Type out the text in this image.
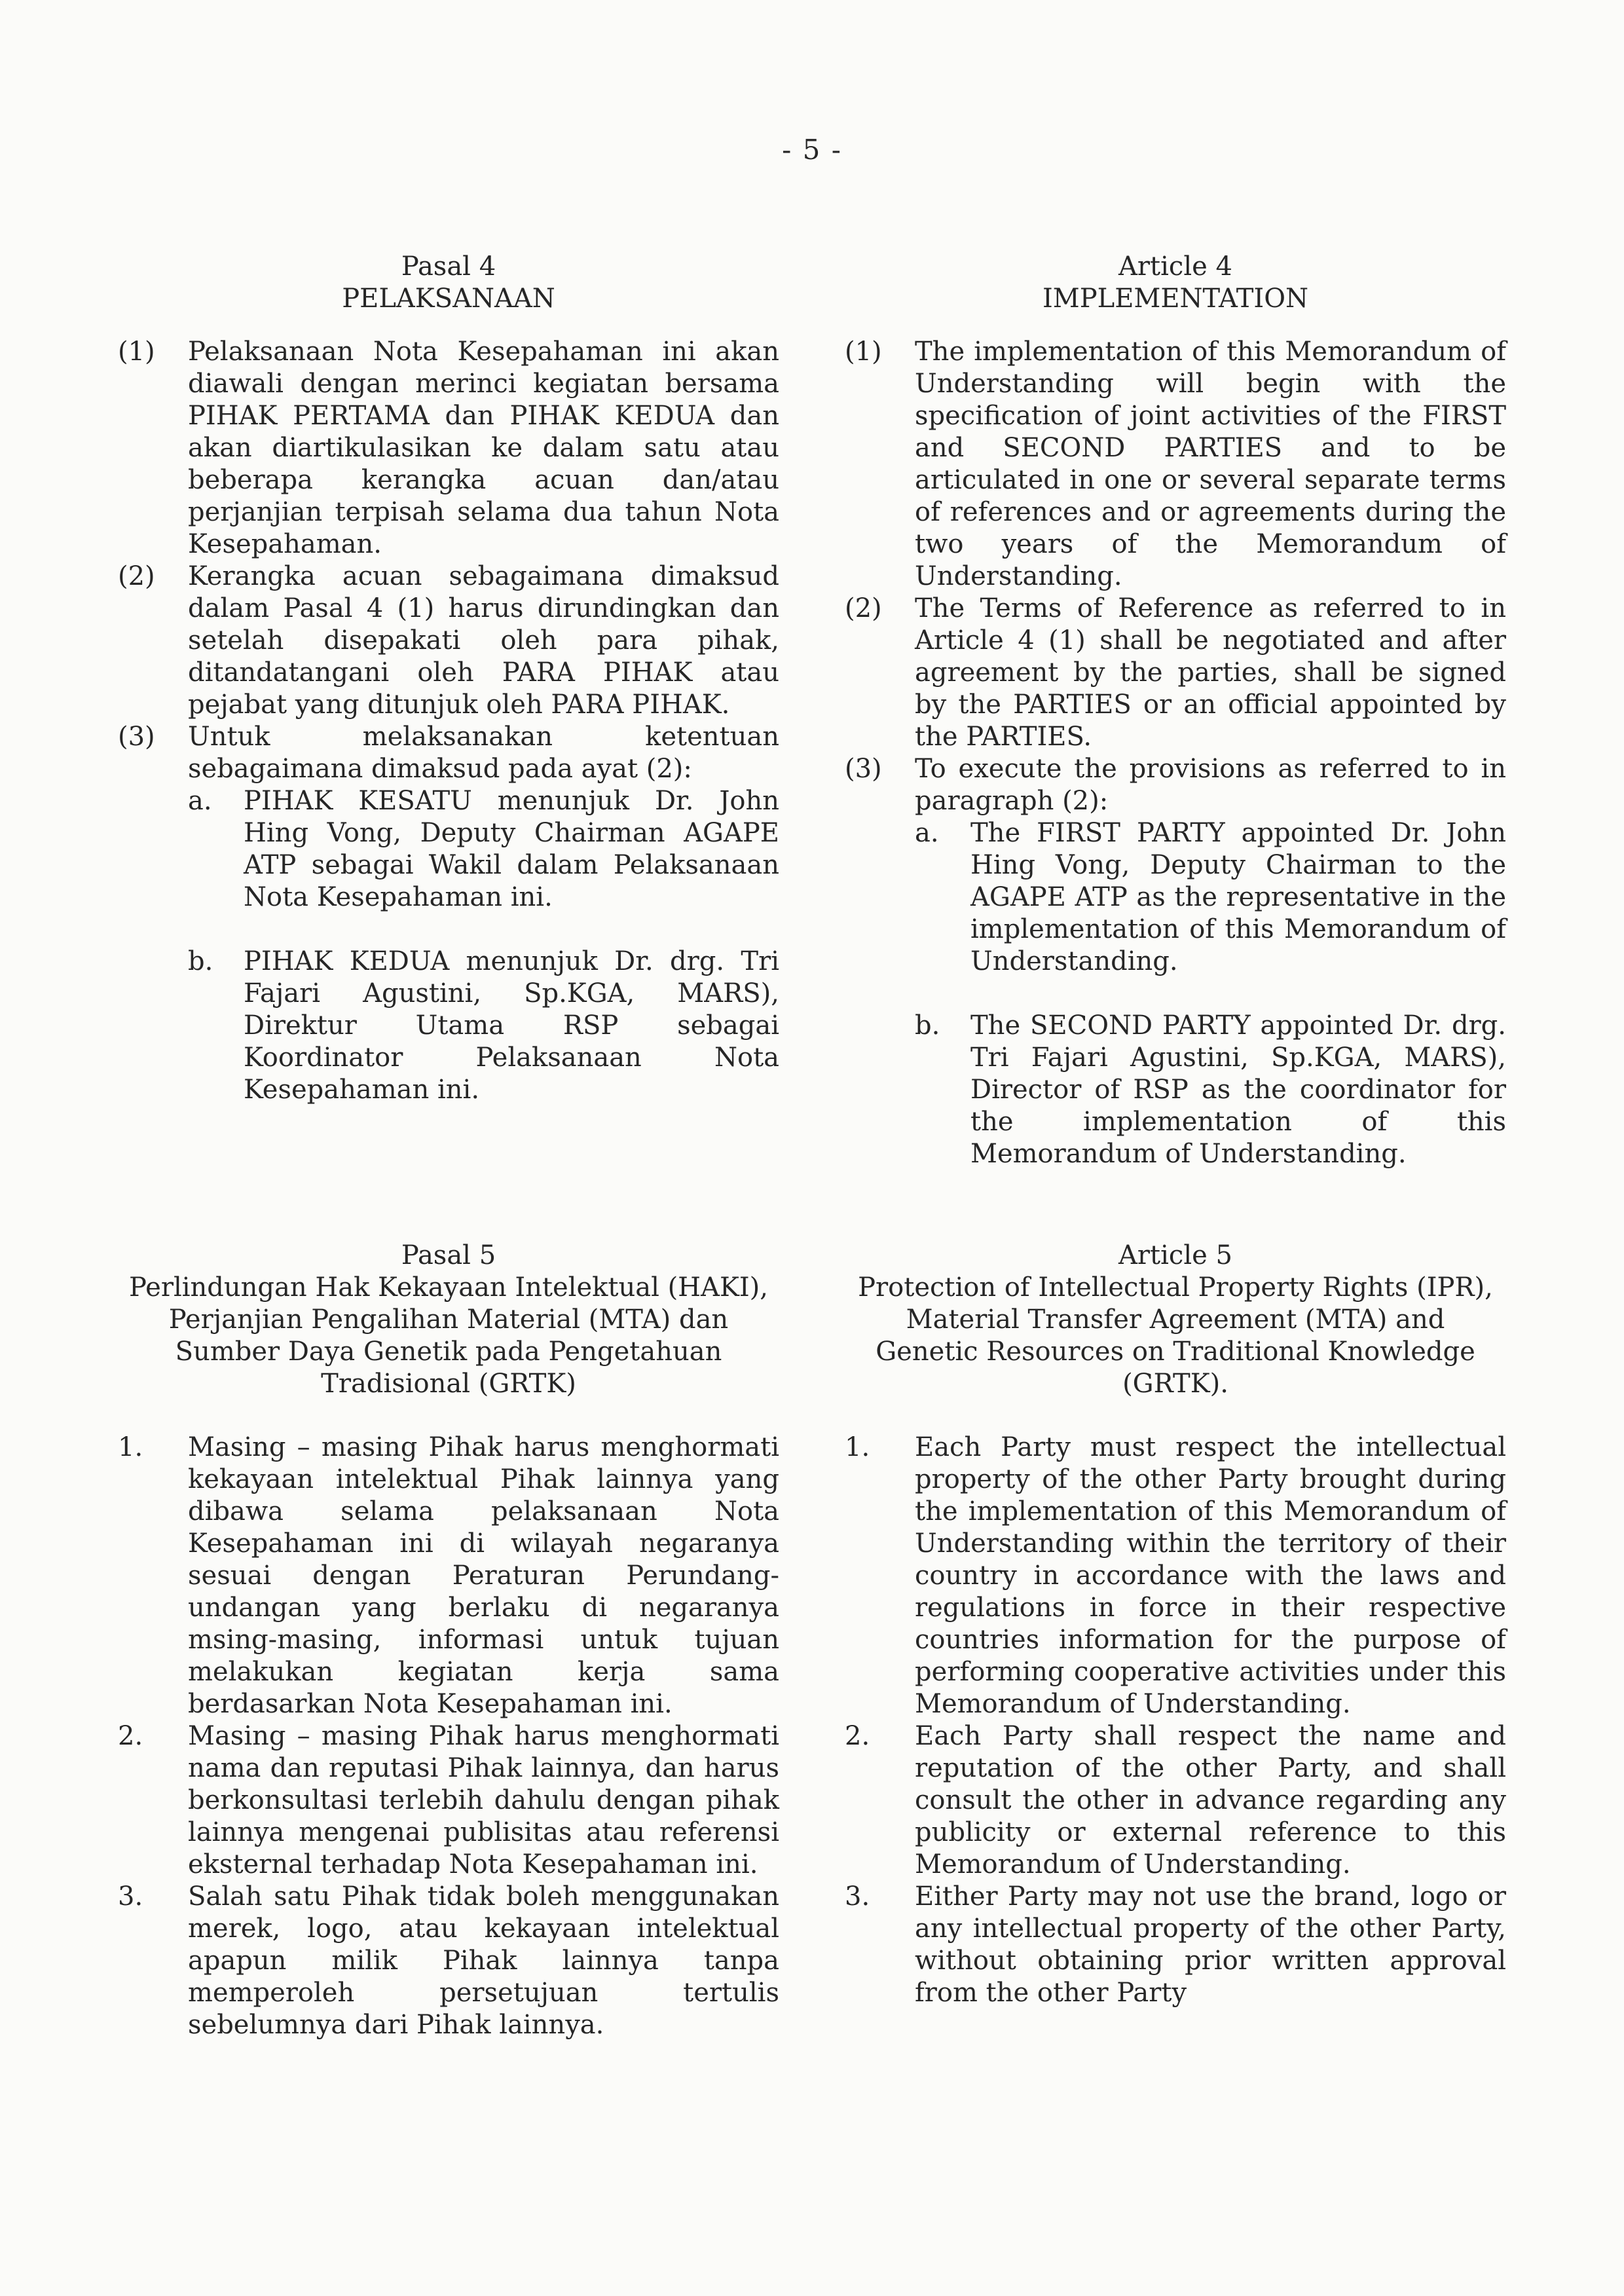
- 5 -
Pasal 4
PELAKSANAAN
(1) Pelaksanaan Nota Kesepahaman ini akan diawali dengan merinci kegiatan bersama PIHAK PERTAMA dan PIHAK KEDUA dan akan diartikulasikan ke dalam satu atau beberapa kerangka acuan dan/atau perjanjian terpisah selama dua tahun Nota Kesepahaman.
(2) Kerangka acuan sebagaimana dimaksud dalam Pasal 4 (1) harus dirundingkan dan setelah disepakati oleh para pihak, ditandatangani oleh PARA PIHAK atau pejabat yang ditunjuk oleh PARA PIHAK.
(3) Untuk melaksanakan ketentuan sebagaimana dimaksud pada ayat (2):
a. PIHAK KESATU menunjuk Dr. John Hing Vong, Deputy Chairman AGAPE ATP sebagai Wakil dalam Pelaksanaan Nota Kesepahaman ini.
b. PIHAK KEDUA menunjuk Dr. drg. Tri Fajari Agustini, Sp.KGA, MARS), Direktur Utama RSP sebagai Koordinator Pelaksanaan Nota Kesepahaman ini.
Article 4
IMPLEMENTATION
(1) The implementation of this Memorandum of Understanding will begin with the specification of joint activities of the FIRST and SECOND PARTIES and to be articulated in one or several separate terms of references and or agreements during the two years of the Memorandum of Understanding.
(2) The Terms of Reference as referred to in Article 4 (1) shall be negotiated and after agreement by the parties, shall be signed by the PARTIES or an official appointed by the PARTIES.
(3) To execute the provisions as referred to in paragraph (2):
a. The FIRST PARTY appointed Dr. John Hing Vong, Deputy Chairman to the AGAPE ATP as the representative in the implementation of this Memorandum of Understanding.
b. The SECOND PARTY appointed Dr. drg. Tri Fajari Agustini, Sp.KGA, MARS), Director of RSP as the coordinator for the implementation of this Memorandum of Understanding.
Pasal 5
Perlindungan Hak Kekayaan Intelektual (HAKI),
Perjanjian Pengalihan Material (MTA) dan
Sumber Daya Genetik pada Pengetahuan
Tradisional (GRTK)
1. Masing – masing Pihak harus menghormati kekayaan intelektual Pihak lainnya yang dibawa selama pelaksanaan Nota Kesepahaman ini di wilayah negaranya sesuai dengan Peraturan Perundang-undangan yang berlaku di negaranya msing-masing, informasi untuk tujuan melakukan kegiatan kerja sama berdasarkan Nota Kesepahaman ini.
2. Masing – masing Pihak harus menghormati nama dan reputasi Pihak lainnya, dan harus berkonsultasi terlebih dahulu dengan pihak lainnya mengenai publisitas atau referensi eksternal terhadap Nota Kesepahaman ini.
3. Salah satu Pihak tidak boleh menggunakan merek, logo, atau kekayaan intelektual apapun milik Pihak lainnya tanpa memperoleh persetujuan tertulis sebelumnya dari Pihak lainnya.
Article 5
Protection of Intellectual Property Rights (IPR),
Material Transfer Agreement (MTA) and
Genetic Resources on Traditional Knowledge
(GRTK).
1. Each Party must respect the intellectual property of the other Party brought during the implementation of this Memorandum of Understanding within the territory of their country in accordance with the laws and regulations in force in their respective countries information for the purpose of performing cooperative activities under this Memorandum of Understanding.
2. Each Party shall respect the name and reputation of the other Party, and shall consult the other in advance regarding any publicity or external reference to this Memorandum of Understanding.
3. Either Party may not use the brand, logo or any intellectual property of the other Party, without obtaining prior written approval from the other Party
